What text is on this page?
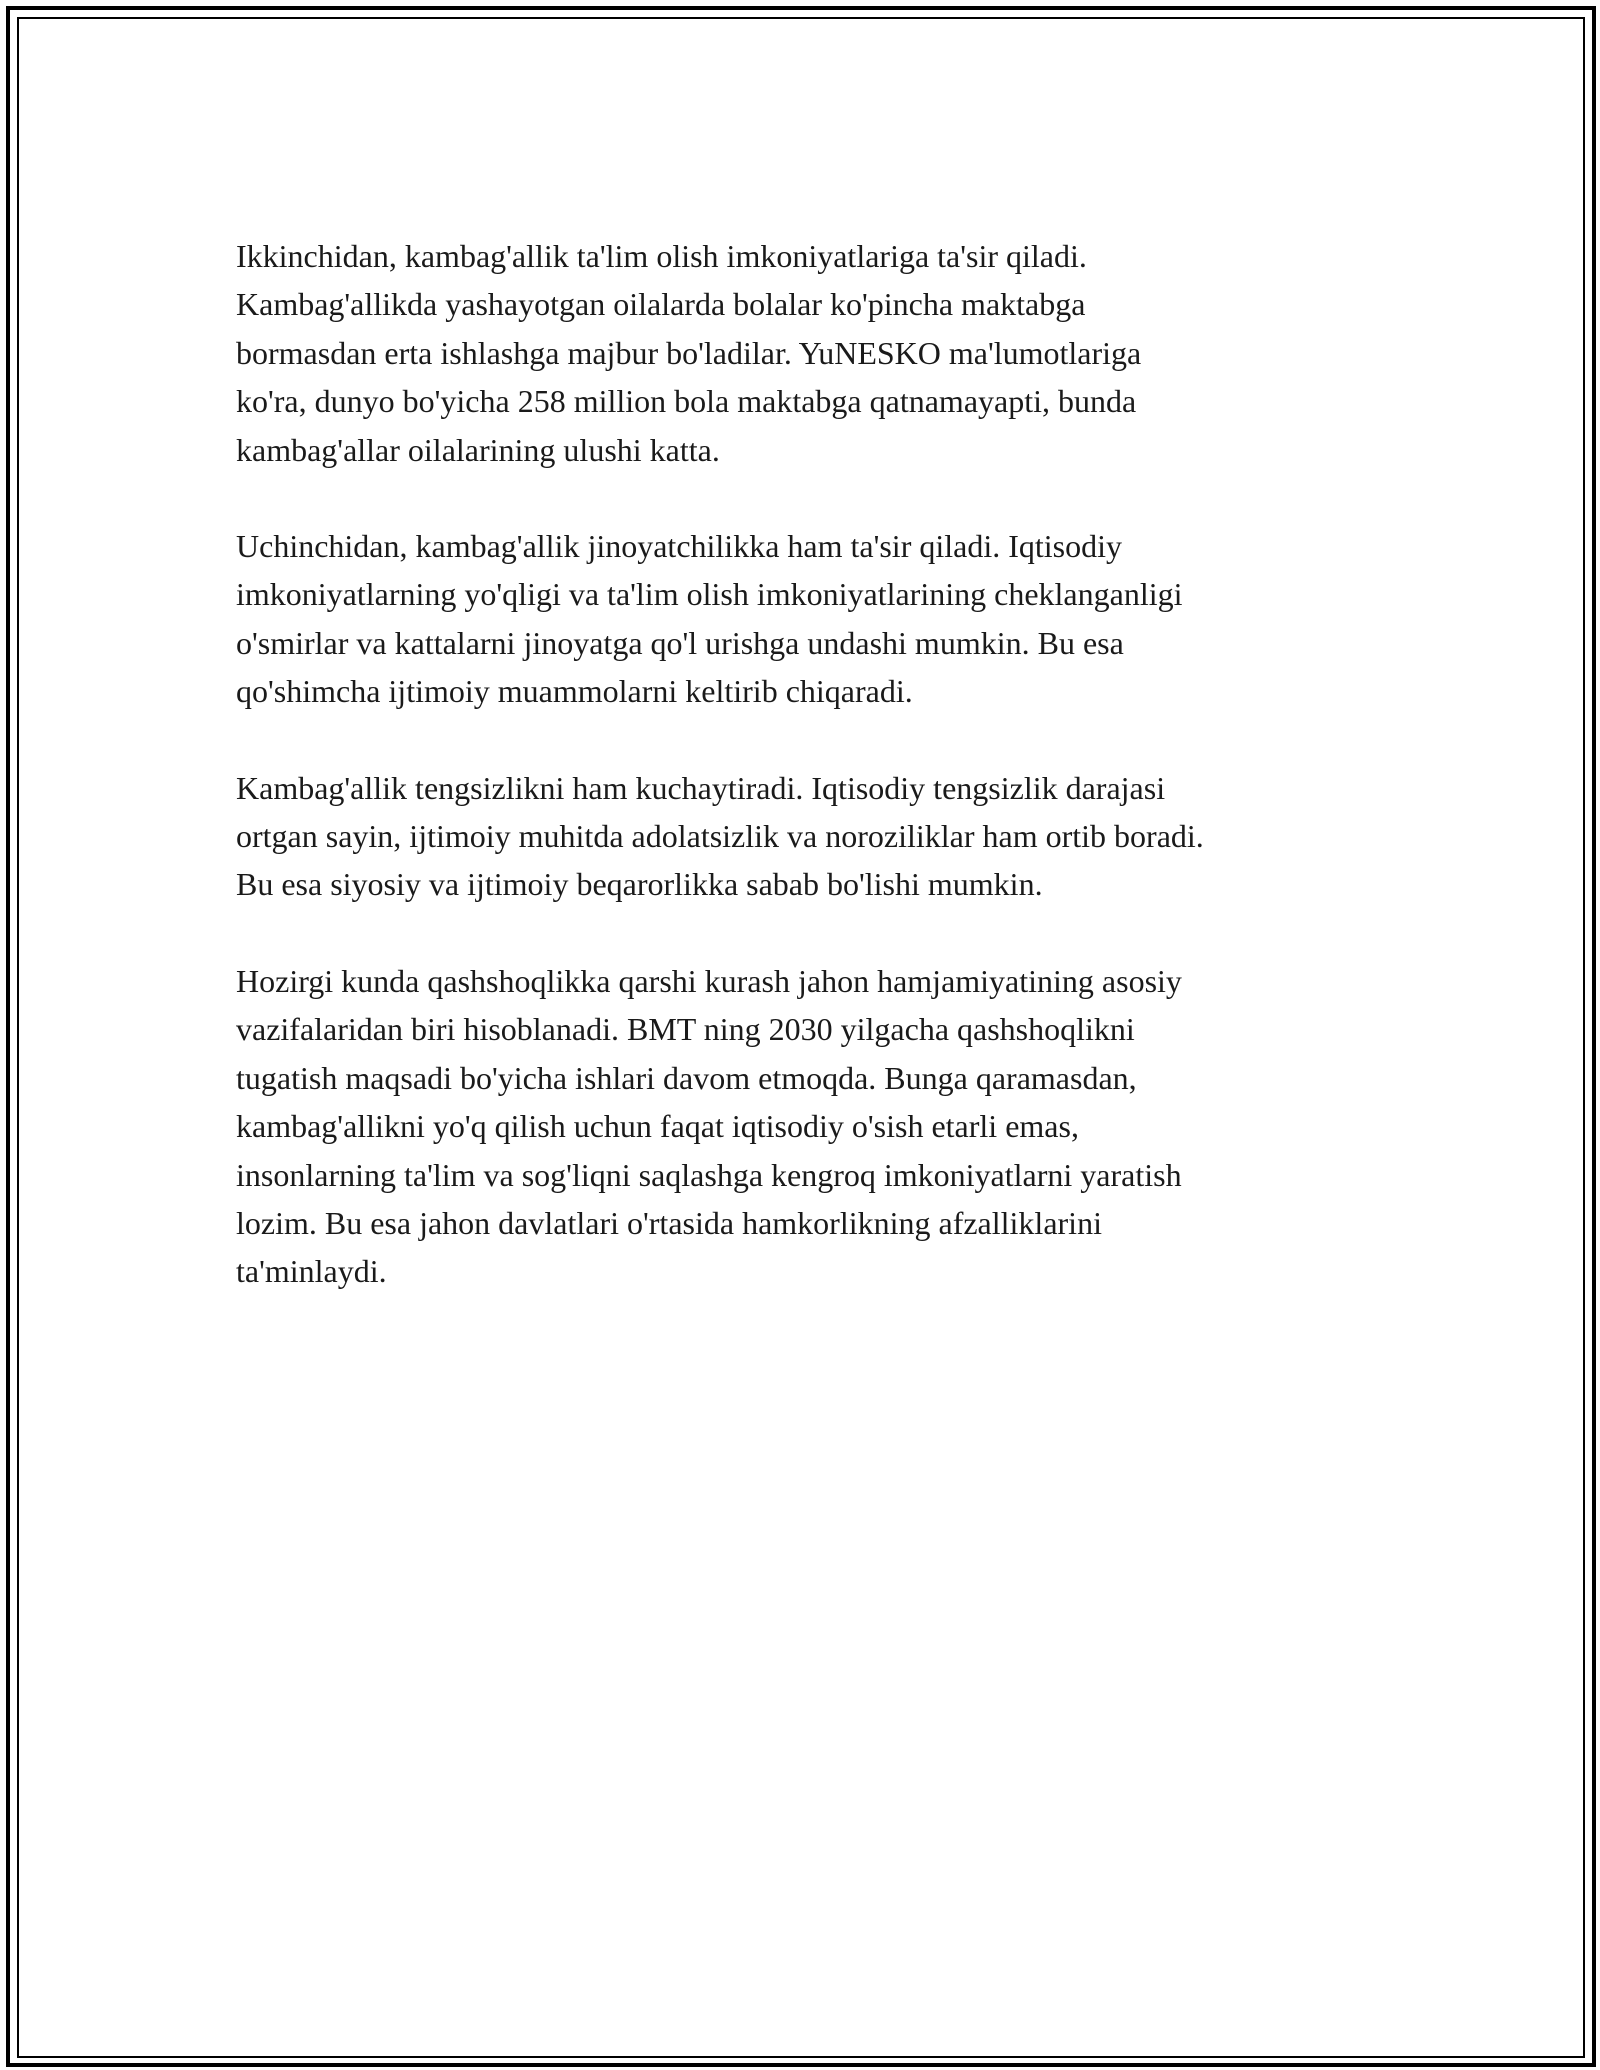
Ikkinchidan, kambag'allik ta'lim olish imkoniyatlariga ta'sir qiladi.
Kambag'allikda yashayotgan oilalarda bolalar ko'pincha maktabga
bormasdan erta ishlashga majbur bo'ladilar. YuNESKO ma'lumotlariga
ko'ra, dunyo bo'yicha 258 million bola maktabga qatnamayapti, bunda
kambag'allar oilalarining ulushi katta.

Uchinchidan, kambag'allik jinoyatchilikka ham ta'sir qiladi. Iqtisodiy
imkoniyatlarning yo'qligi va ta'lim olish imkoniyatlarining cheklanganligi
o'smirlar va kattalarni jinoyatga qo'l urishga undashi mumkin. Bu esa
qo'shimcha ijtimoiy muammolarni keltirib chiqaradi.

Kambag'allik tengsizlikni ham kuchaytiradi. Iqtisodiy tengsizlik darajasi
ortgan sayin, ijtimoiy muhitda adolatsizlik va noroziliklar ham ortib boradi.
Bu esa siyosiy va ijtimoiy beqarorlikka sabab bo'lishi mumkin.

Hozirgi kunda qashshoqlikka qarshi kurash jahon hamjamiyatining asosiy
vazifalaridan biri hisoblanadi. BMT ning 2030 yilgacha qashshoqlikni
tugatish maqsadi bo'yicha ishlari davom etmoqda. Bunga qaramasdan,
kambag'allikni yo'q qilish uchun faqat iqtisodiy o'sish etarli emas,
insonlarning ta'lim va sog'liqni saqlashga kengroq imkoniyatlarni yaratish
lozim. Bu esa jahon davlatlari o'rtasida hamkorlikning afzalliklarini
ta'minlaydi.
